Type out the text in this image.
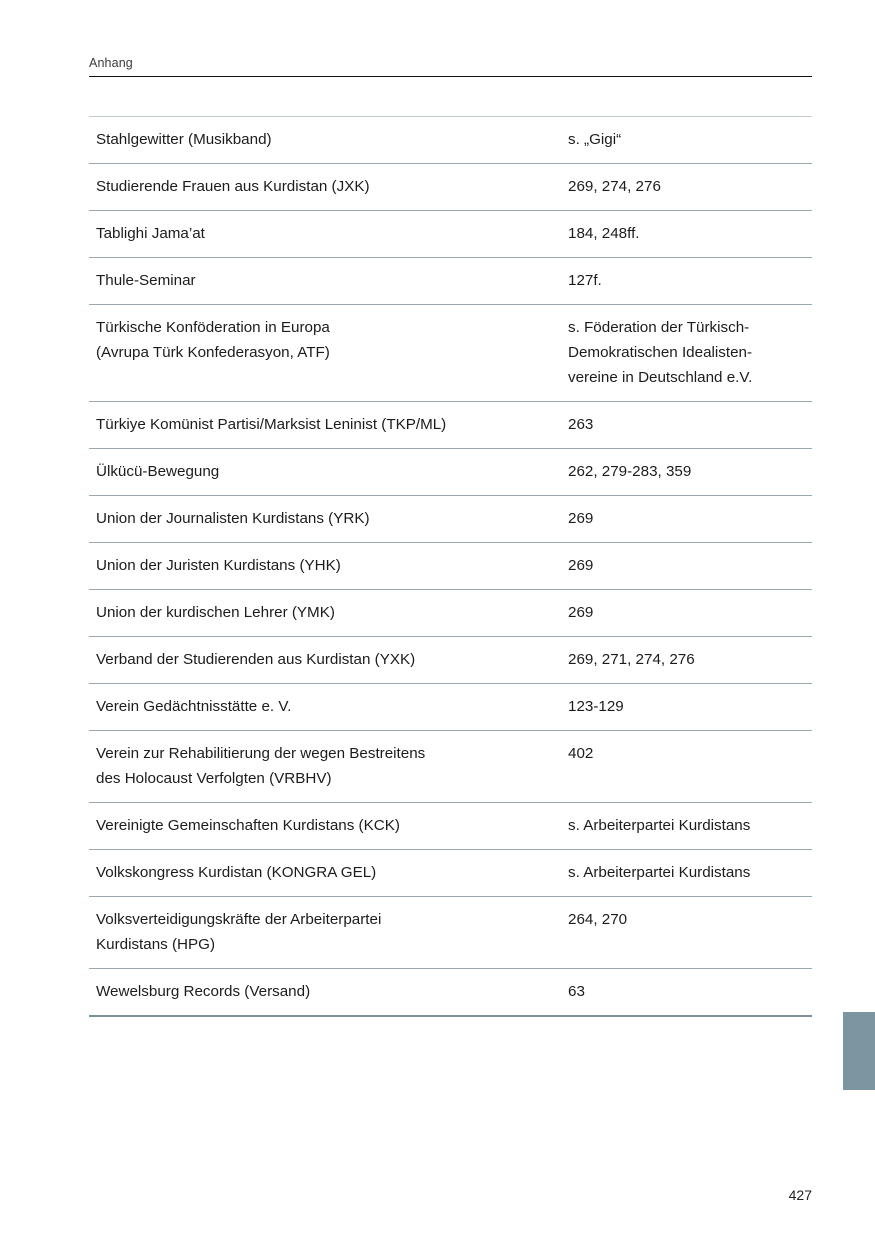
Anhang
Stahlgewitter (Musikband)	s. „Gigi“

Studierende Frauen aus Kurdistan (JXK)	269, 274, 276

Tablighi Jama’at	184, 248ff.

Thule-Seminar	127f.

Türkische Konföderation in Europa
(Avrupa Türk Konfederasyon, ATF)	s. Föderation der Türkisch-
Demokratischen Idealisten-
vereine in Deutschland e.V.

Türkiye Komünist Partisi/Marksist Leninist (TKP/ML)	263

Ülkücü-Bewegung	262, 279-283, 359

Union der Journalisten Kurdistans (YRK)	269

Union der Juristen Kurdistans (YHK)	269

Union der kurdischen Lehrer (YMK)	269

Verband der Studierenden aus Kurdistan (YXK)	269, 271, 274, 276

Verein Gedächtnisstätte e. V.	123-129

Verein zur Rehabilitierung der wegen Bestreitens
des Holocaust Verfolgten (VRBHV)	402

Vereinigte Gemeinschaften Kurdistans (KCK)	s. Arbeiterpartei Kurdistans

Volkskongress Kurdistan (KONGRA GEL)	s. Arbeiterpartei Kurdistans

Volksverteidigungskräfte der Arbeiterpartei
Kurdistans (HPG)	264, 270

Wewelsburg Records (Versand)	63
427
